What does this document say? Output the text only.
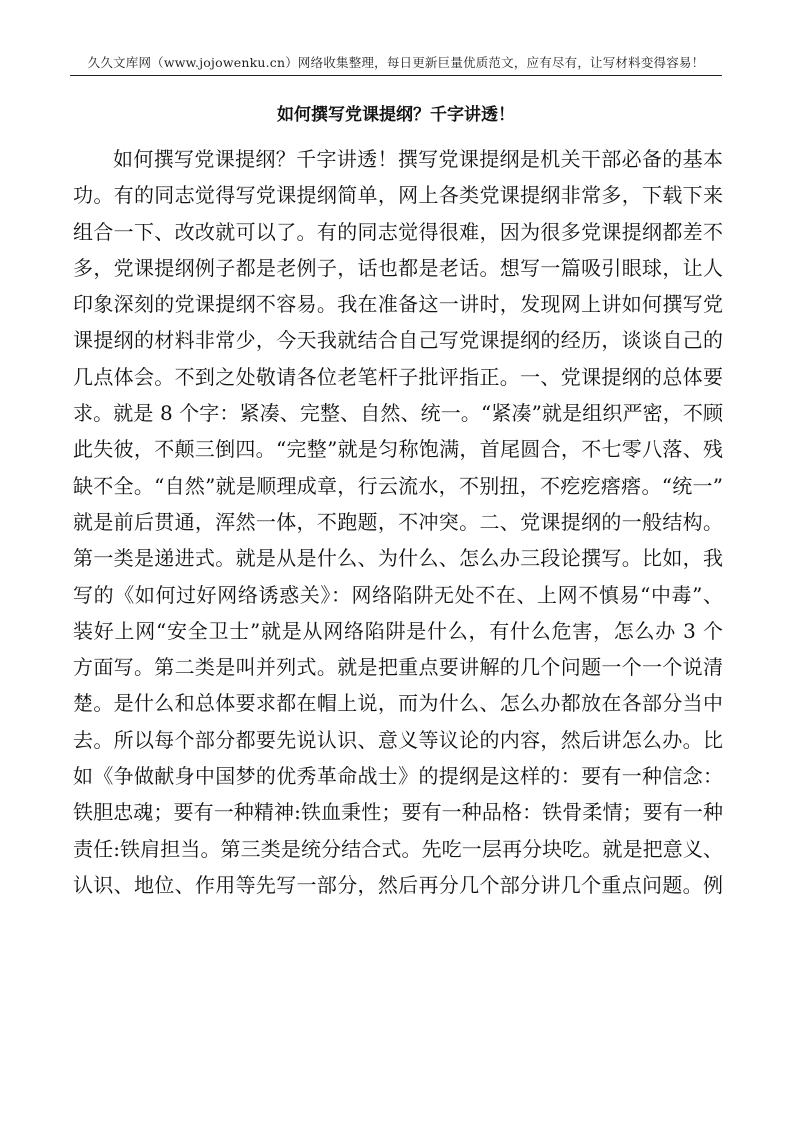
久久文库网（www.jojowenku.cn）网络收集整理，每日更新巨量优质范文，应有尽有，让写材料变得容易！
如何撰写党课提纲？千字讲透！
如何撰写党课提纲？千字讲透！撰写党课提纲是机关干部必备的基本
功。有的同志觉得写党课提纲简单，网上各类党课提纲非常多，下载下来
组合一下、改改就可以了。有的同志觉得很难，因为很多党课提纲都差不
多，党课提纲例子都是老例子，话也都是老话。想写一篇吸引眼球，让人
印象深刻的党课提纲不容易。我在准备这一讲时，发现网上讲如何撰写党
课提纲的材料非常少，今天我就结合自己写党课提纲的经历，谈谈自己的
几点体会。不到之处敬请各位老笔杆子批评指正。一、党课提纲的总体要
求。就是 8 个字：紧凑、完整、自然、统一。“紧凑”就是组织严密，不顾
此失彼，不颠三倒四。“完整”就是匀称饱满，首尾圆合，不七零八落、残
缺不全。“自然”就是顺理成章，行云流水，不别扭，不疙疙瘩瘩。“统一”
就是前后贯通，浑然一体，不跑题，不冲突。二、党课提纲的一般结构。
第一类是递进式。就是从是什么、为什么、怎么办三段论撰写。比如，我
写的《如何过好网络诱惑关》：网络陷阱无处不在、上网不慎易“中毒”、
装好上网“安全卫士”就是从网络陷阱是什么，有什么危害，怎么办 3 个
方面写。第二类是叫并列式。就是把重点要讲解的几个问题一个一个说清
楚。是什么和总体要求都在帽上说，而为什么、怎么办都放在各部分当中
去。所以每个部分都要先说认识、意义等议论的内容，然后讲怎么办。比
如《争做献身中国梦的优秀革命战士》的提纲是这样的：要有一种信念：
铁胆忠魂；要有一种精神:铁血秉性；要有一种品格：铁骨柔情；要有一种
责任:铁肩担当。第三类是统分结合式。先吃一层再分块吃。就是把意义、
认识、地位、作用等先写一部分，然后再分几个部分讲几个重点问题。例
